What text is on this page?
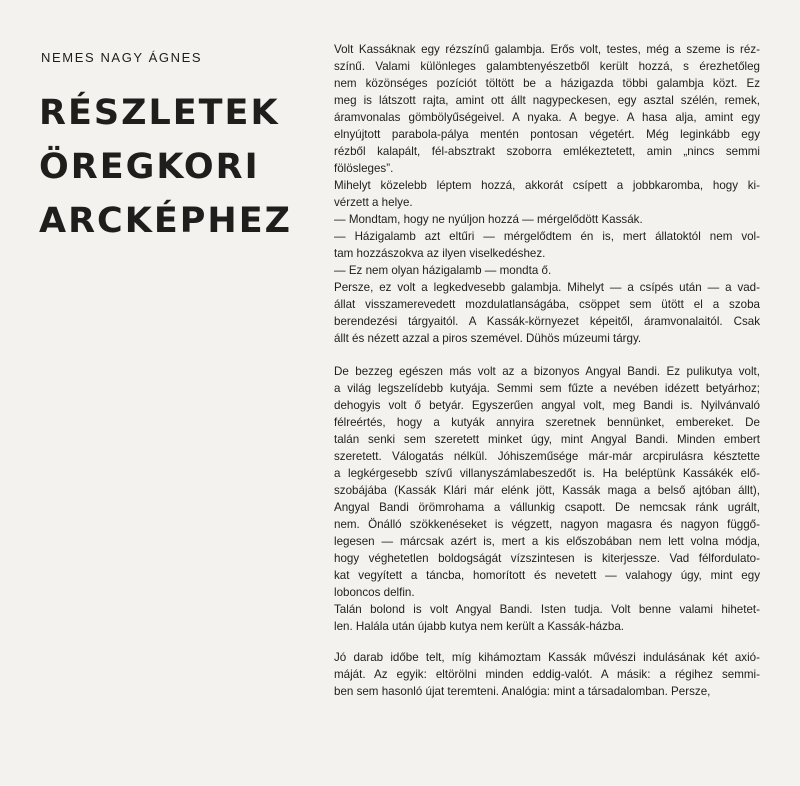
NEMES NAGY ÁGNES
RÉSZLETEK
ÖREGKORI
ARCKÉPHEZ
Volt Kassáknak egy rézszínű galambja. Erős volt, testes, még a szeme is réz-
színű. Valami különleges galambtenyészetből került hozzá, s érezhetőleg
nem közönséges pozíciót töltött be a házigazda többi galambja közt. Ez
meg is látszott rajta, amint ott állt nagypeckesen, egy asztal szélén, remek,
áramvonalas gömbölyűségeivel. A nyaka. A begye. A hasa alja, amint egy
elnyújtott parabola-pálya mentén pontosan végetért. Még leginkább egy
rézből kalapált, fél-absztrakt szoborra emlékeztetett, amin „nincs semmi
fölösleges”.
Mihelyt közelebb léptem hozzá, akkorát csípett a jobbkaromba, hogy ki-
vérzett a helye.
— Mondtam, hogy ne nyúljon hozzá — mérgelődött Kassák.
— Házigalamb azt eltűri — mérgelődtem én is, mert állatoktól nem vol-
tam hozzászokva az ilyen viselkedéshez.
— Ez nem olyan házigalamb — mondta ő.
Persze, ez volt a legkedvesebb galambja. Mihelyt — a csípés után — a vad-
állat visszamerevedett mozdulatlanságába, csöppet sem ütött el a szoba
berendezési tárgyaitól. A Kassák-környezet képeitől, áramvonalaitól. Csak
állt és nézett azzal a piros szemével. Dühös múzeumi tárgy.
De bezzeg egészen más volt az a bizonyos Angyal Bandi. Ez pulikutya volt,
a világ legszelídebb kutyája. Semmi sem fűzte a nevében idézett betyárhoz;
dehogyis volt ő betyár. Egyszerűen angyal volt, meg Bandi is. Nyilvánvaló
félreértés, hogy a kutyák annyira szeretnek bennünket, embereket. De
talán senki sem szeretett minket úgy, mint Angyal Bandi. Minden embert
szeretett. Válogatás nélkül. Jóhiszeműsége már-már arcpirulásra késztette
a legkérgesebb szívű villanyszámlabeszedőt is. Ha beléptünk Kassákék elő-
szobájába (Kassák Klári már elénk jött, Kassák maga a belső ajtóban állt),
Angyal Bandi örömrohama a vállunkig csapott. De nemcsak ránk ugrált,
nem. Önálló szökkenéseket is végzett, nagyon magasra és nagyon függő-
legesen — márcsak azért is, mert a kis előszobában nem lett volna módja,
hogy véghetetlen boldogságát vízszintesen is kiterjessze. Vad félfordulato-
kat vegyített a táncba, homorított és nevetett — valahogy úgy, mint egy
loboncos delfin.
Talán bolond is volt Angyal Bandi. Isten tudja. Volt benne valami hihetet-
len. Halála után újabb kutya nem került a Kassák-házba.
Jó darab időbe telt, míg kihámoztam Kassák művészi indulásának két axió-
máját. Az egyik: eltörölni minden eddig-valót. A másik: a régihez semmi-
ben sem hasonló újat teremteni. Analógia: mint a társadalomban. Persze,
